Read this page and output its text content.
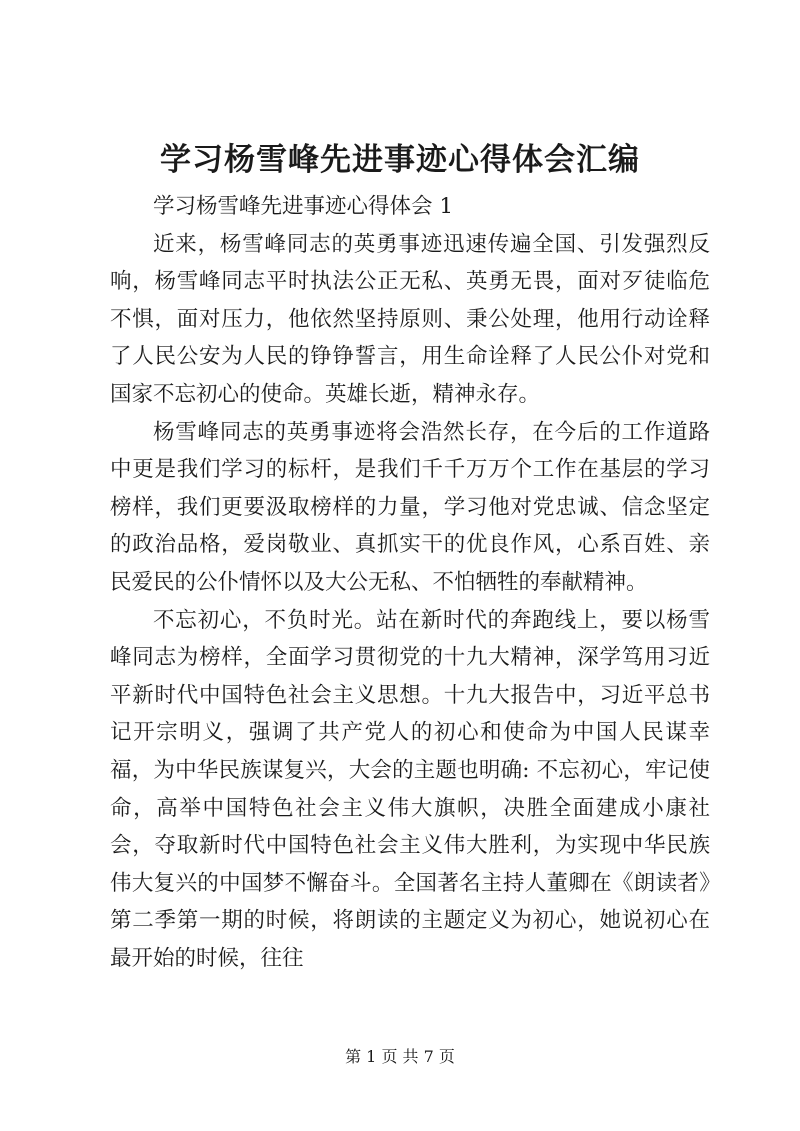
学习杨雪峰先进事迹心得体会汇编

学习杨雪峰先进事迹心得体会 1

近来，杨雪峰同志的英勇事迹迅速传遍全国、引发强烈反响，杨雪峰同志平时执法公正无私、英勇无畏，面对歹徒临危不惧，面对压力，他依然坚持原则、秉公处理，他用行动诠释了人民公安为人民的铮铮誓言，用生命诠释了人民公仆对党和国家不忘初心的使命。英雄长逝，精神永存。

杨雪峰同志的英勇事迹将会浩然长存，在今后的工作道路中更是我们学习的标杆，是我们千千万万个工作在基层的学习榜样，我们更要汲取榜样的力量，学习他对党忠诚、信念坚定的政治品格，爱岗敬业、真抓实干的优良作风，心系百姓、亲民爱民的公仆情怀以及大公无私、不怕牺牲的奉献精神。

不忘初心，不负时光。站在新时代的奔跑线上，要以杨雪峰同志为榜样，全面学习贯彻党的十九大精神，深学笃用习近平新时代中国特色社会主义思想。十九大报告中，习近平总书记开宗明义，强调了共产党人的初心和使命为中国人民谋幸福，为中华民族谋复兴，大会的主题也明确: 不忘初心，牢记使命，高举中国特色社会主义伟大旗帜，决胜全面建成小康社会，夺取新时代中国特色社会主义伟大胜利，为实现中华民族伟大复兴的中国梦不懈奋斗。全国著名主持人董卿在《朗读者》第二季第一期的时候，将朗读的主题定义为初心，她说初心在最开始的时候，往往

第 1 页 共 7 页
